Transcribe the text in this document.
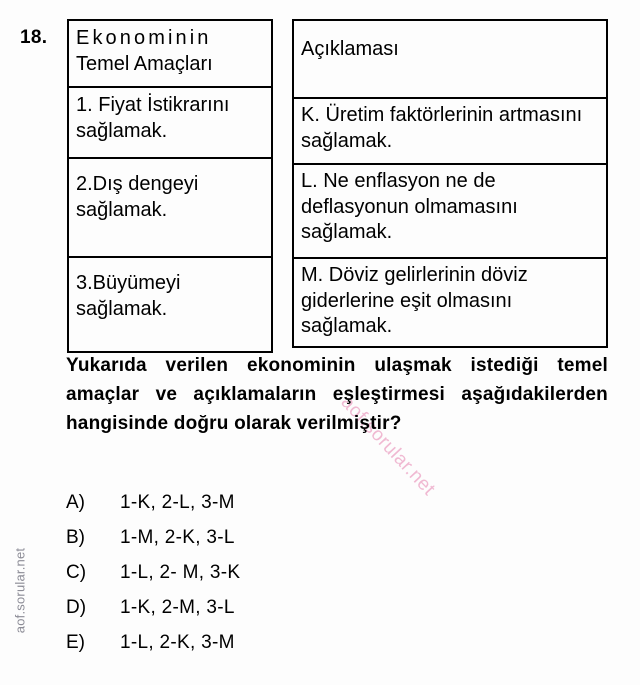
18. Ekonominin
Temel Amaçları

1. Fiyat İstikrarını sağlamak.
2.Dış dengeyi sağlamak.
3.Büyümeyi sağlamak.
Açıklaması
K. Üretim faktörlerinin artmasını sağlamak.
L. Ne enflasyon ne de deflasyonun olmamasını sağlamak.
M. Döviz gelirlerinin döviz giderlerine eşit olmasını sağlamak.
Yukarıda verilen ekonominin ulaşmak istediği temel amaçlar ve açıklamaların eşleştirmesi aşağıdakilerden hangisinde doğru olarak verilmiştir?
A)	1-K, 2-L, 3-M
B)	1-M, 2-K, 3-L
C)	1-L, 2- M, 3-K
D)	1-K, 2-M, 3-L
E)	1-L, 2-K, 3-M
aof.sorular.net
aof.sorular.net
